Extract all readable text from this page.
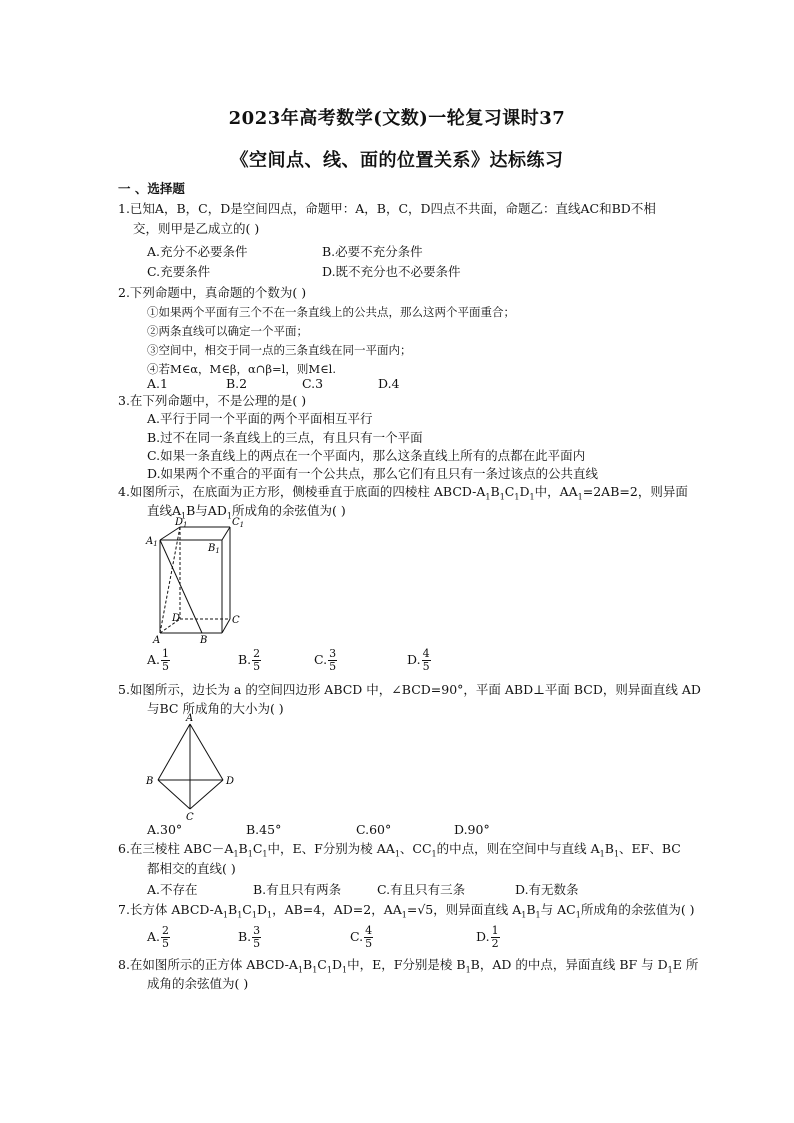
2023年高考数学(文数)一轮复习课时37
《空间点、线、面的位置关系》达标练习
一 、选择题
1.已知A，B，C，D是空间四点，命题甲：A，B，C，D四点不共面，命题乙：直线AC和BD不相
交，则甲是乙成立的( )
A.充分不必要条件	B.必要不充分条件
C.充要条件	D.既不充分也不必要条件
2.下列命题中，真命题的个数为( )
①如果两个平面有三个不在一条直线上的公共点，那么这两个平面重合；
②两条直线可以确定一个平面；
③空间中，相交于同一点的三条直线在同一平面内；
④若M∈α，M∈β，α∩β=l，则M∈l.
A.1	B.2	C.3	D.4
3.在下列命题中，不是公理的是( )
A.平行于同一个平面的两个平面相互平行
B.过不在同一条直线上的三点，有且只有一个平面
C.如果一条直线上的两点在一个平面内，那么这条直线上所有的点都在此平面内
D.如果两个不重合的平面有一个公共点，那么它们有且只有一条过该点的公共直线
4.如图所示，在底面为正方形，侧棱垂直于底面的四棱柱 ABCD-$A_1B_1C_1D_1$中，$AA_1=2AB=2$，则异面
直线$A_1B$与$AD_1$所成角的余弦值为( )
$D_1$	$C_1$
$A_1$	$B_1$
D	C
A	B
A. $\frac{1}{5}$	B. $\frac{2}{5}$	C. $\frac{3}{5}$	D. $\frac{4}{5}$
5.如图所示，边长为 a 的空间四边形 ABCD 中，∠BCD=90°，平面 ABD⊥平面 BCD，则异面直线 AD
与BC 所成角的大小为( )
A
B	D
C
A.30°	B.45°	C.60°	D.90°
6.在三棱柱 $ABC-A_1B_1C_1$中，E、F分别为棱 $AA_1$、$CC_1$的中点，则在空间中与直线 $A_1B_1$、EF、BC
都相交的直线( )
A.不存在	B.有且只有两条	C.有且只有三条	D.有无数条
7.长方体 ABCD-$A_1B_1C_1D_1$，AB=4，AD=2，$AA_1=√5$，则异面直线 $A_1B_1$与 $AC_1$所成角的余弦值为( )
A. $\frac{2}{5}$	B. $\frac{3}{5}$	C. $\frac{4}{5}$	D. $\frac{1}{2}$
8.在如图所示的正方体 ABCD-$A_1B_1C_1D_1$中，E，F分别是棱 $B_1B$，AD 的中点，异面直线 BF 与 $D_1E$ 所
成角的余弦值为( )
